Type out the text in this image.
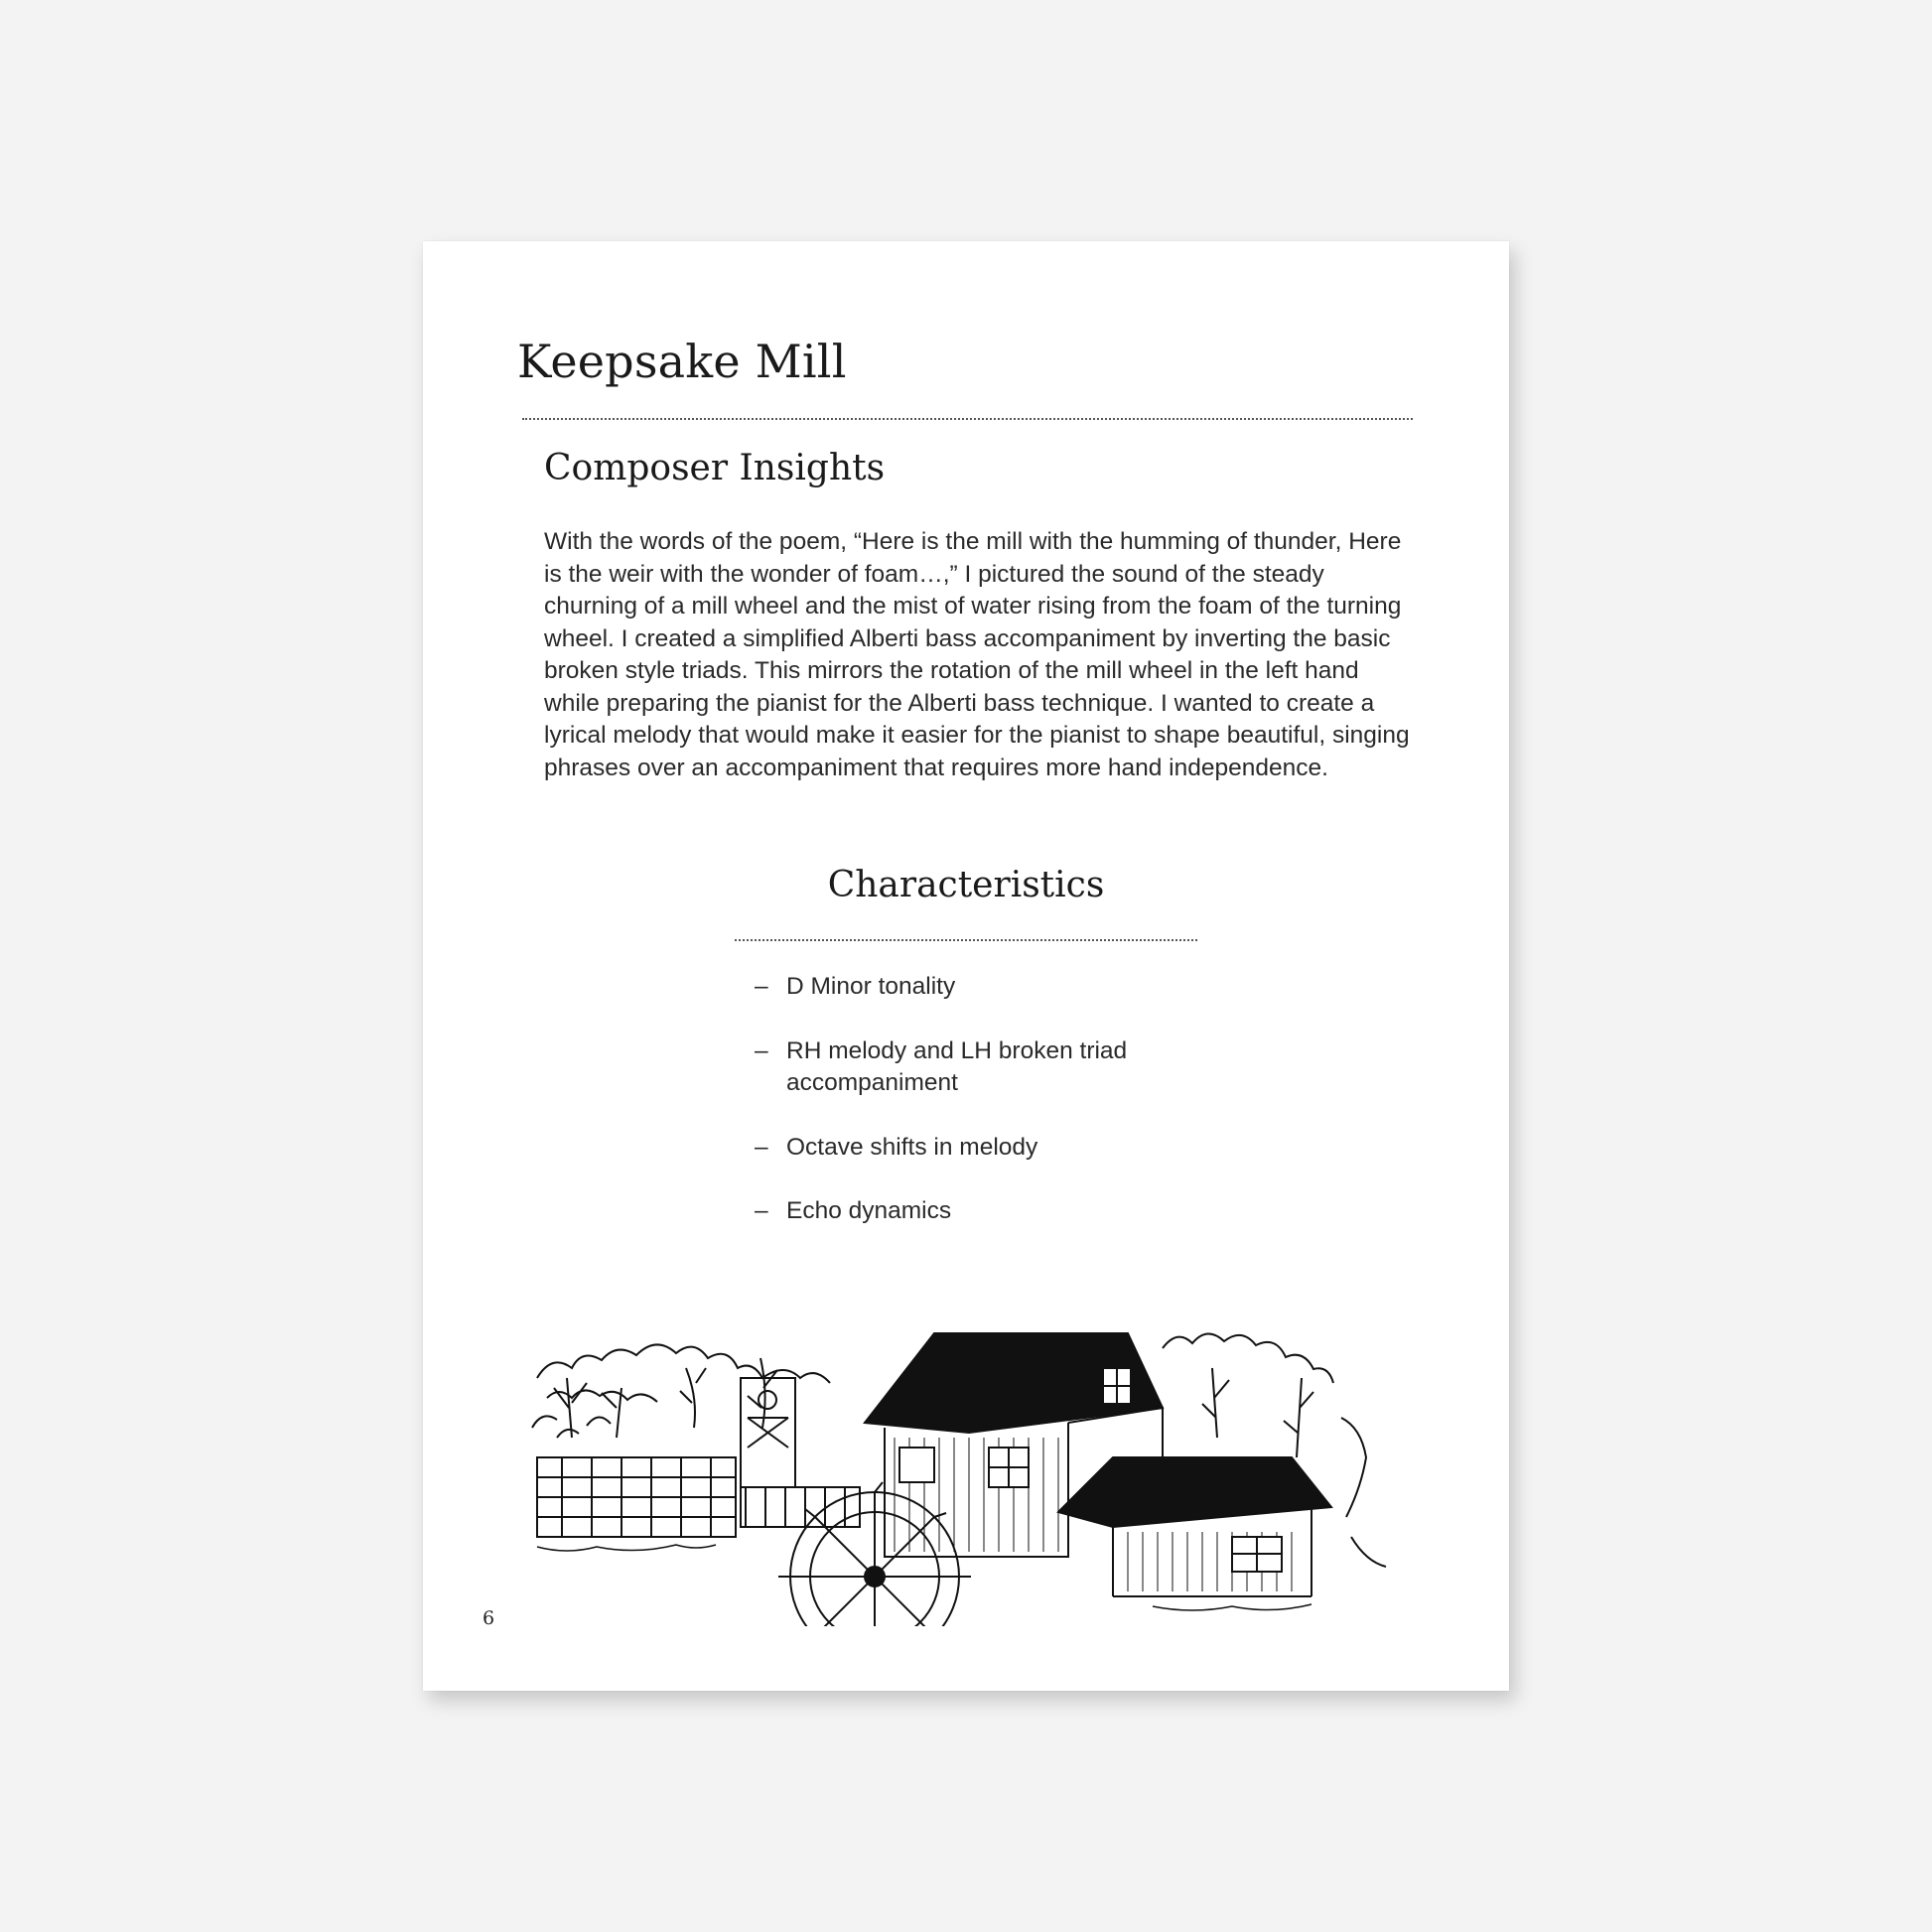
Keepsake Mill
Composer Insights

With the words of the poem, “Here is the mill with the humming of thunder, Here is the weir with the wonder of foam…,” I pictured the sound of the steady churning of a mill wheel and the mist of water rising from the foam of the turning wheel. I created a simplified Alberti bass accompaniment by inverting the basic broken style triads. This mirrors the rotation of the mill wheel in the left hand while preparing the pianist for the Alberti bass technique. I wanted to create a lyrical melody that would make it easier for the pianist to shape beautiful, singing phrases over an accompaniment that requires more hand independence.

Characteristics
– D Minor tonality
– RH melody and LH broken triad accompaniment
– Octave shifts in melody
– Echo dynamics
6
